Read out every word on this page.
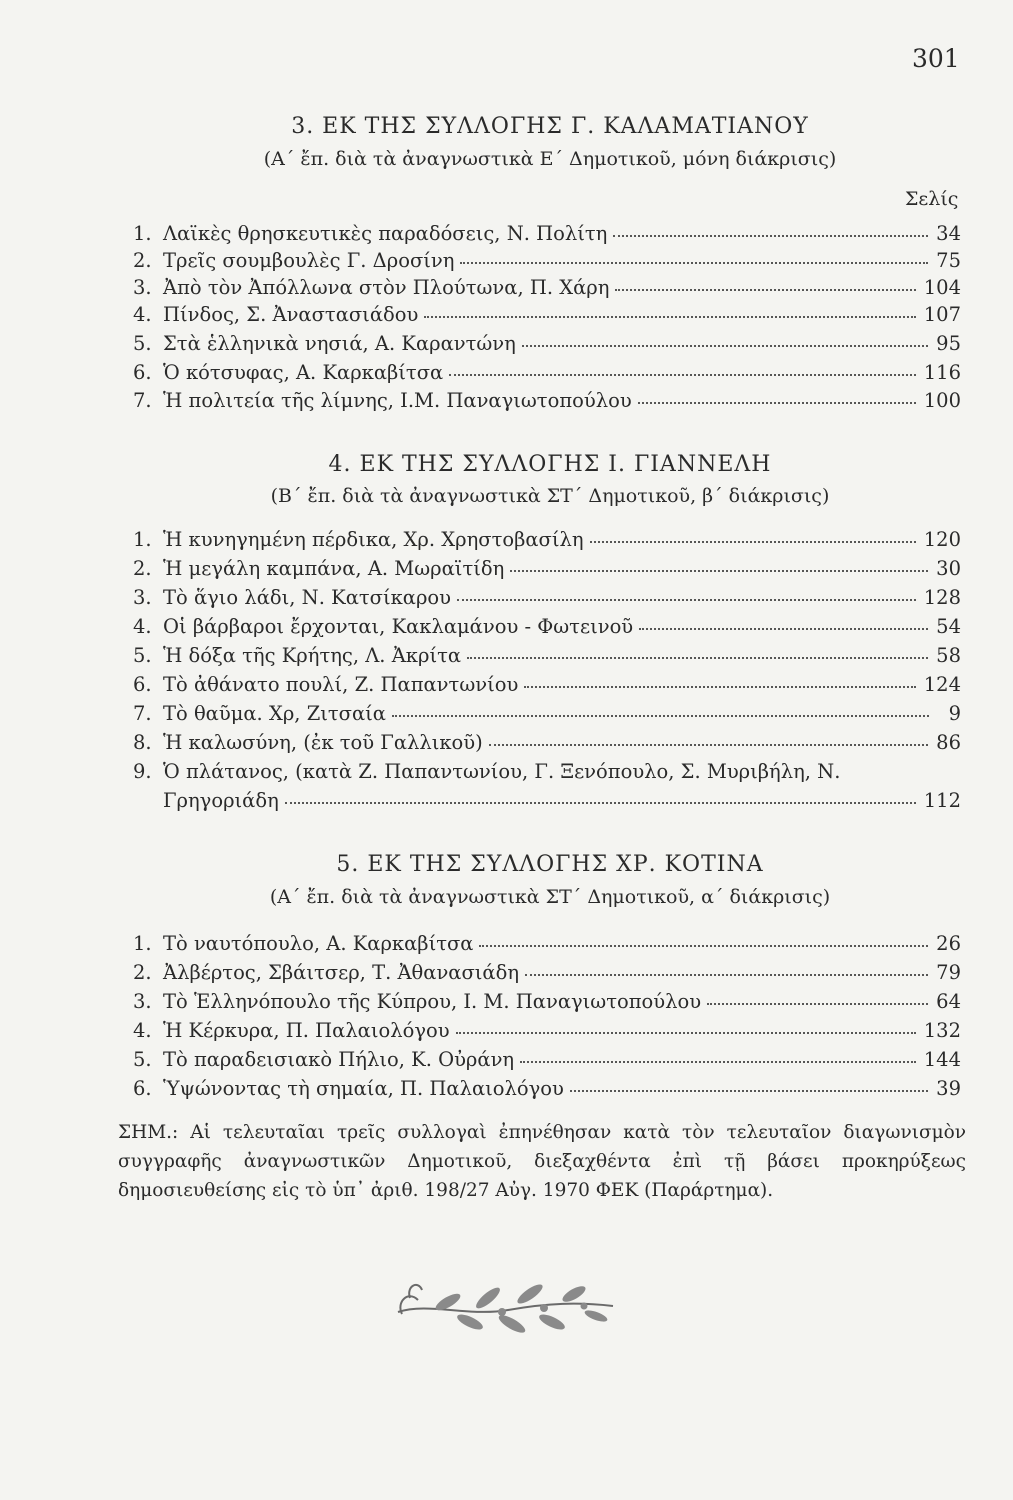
301
3. ΕΚ ΤΗΣ ΣΥΛΛΟΓΗΣ Γ. ΚΑΛΑΜΑΤΙΑΝΟΥ
(Α΄ ἔπ. διὰ τὰ ἀναγνωστικὰ Ε΄ Δημοτικοῦ, μόνη διάκρισις)
Σελίς
1. Λαϊκὲς θρησκευτικὲς παραδόσεις, Ν. Πολίτη	34
2. Τρεῖς σουμβουλὲς Γ. Δροσίνη	75
3. Ἀπὸ τὸν Ἀπόλλωνα στὸν Πλούτωνα, Π. Χάρη	104
4. Πίνδος, Σ. Ἀναστασιάδου	107
5. Στὰ ἑλληνικὰ νησιά, Α. Καραντώνη	95
6. Ὁ κότσυφας, Α. Καρκαβίτσα	116
7. Ἡ πολιτεία τῆς λίμνης, Ι.Μ. Παναγιωτοπούλου	100
4. ΕΚ ΤΗΣ ΣΥΛΛΟΓΗΣ Ι. ΓΙΑΝΝΕΛΗ
(Β΄ ἔπ. διὰ τὰ ἀναγνωστικὰ ΣΤ΄ Δημοτικοῦ, β΄ διάκρισις)
1. Ἡ κυνηγημένη πέρδικα, Χρ. Χρηστοβασίλη	120
2. Ἡ μεγάλη καμπάνα, Α. Μωραϊτίδη	30
3. Τὸ ἅγιο λάδι, Ν. Κατσίκαρου	128
4. Οἱ βάρβαροι ἔρχονται, Κακλαμάνου - Φωτεινοῦ	54
5. Ἡ δόξα τῆς Κρήτης, Λ. Ἀκρίτα	58
6. Τὸ ἀθάνατο πουλί, Ζ. Παπαντωνίου	124
7. Τὸ θαῦμα. Χρ, Ζιτσαία	9
8. Ἡ καλωσύνη, (ἐκ τοῦ Γαλλικοῦ)	86
9. Ὁ πλάτανος, (κατὰ Ζ. Παπαντωνίου, Γ. Ξενόπουλο, Σ. Μυριβήλη, Ν.
Γρηγοριάδη	112
5. ΕΚ ΤΗΣ ΣΥΛΛΟΓΗΣ ΧΡ. ΚΟΤΙΝΑ
(Α΄ ἔπ. διὰ τὰ ἀναγνωστικὰ ΣΤ΄ Δημοτικοῦ, α΄ διάκρισις)
1. Τὸ ναυτόπουλο, Α. Καρκαβίτσα	26
2. Ἀλβέρτος, Σβάιτσερ, Τ. Ἀθανασιάδη	79
3. Τὸ Ἑλληνόπουλο τῆς Κύπρου, Ι. Μ. Παναγιωτοπούλου	64
4. Ἡ Κέρκυρα, Π. Παλαιολόγου	132
5. Τὸ παραδεισιακὸ Πήλιο, Κ. Οὐράνη	144
6. Ὑψώνοντας τὴ σημαία, Π. Παλαιολόγου	39
ΣΗΜ.: Αἱ τελευταῖαι τρεῖς συλλογαὶ ἐπηνέθησαν κατὰ τὸν τελευταῖον διαγωνισμὸν συγγραφῆς ἀναγνωστικῶν Δημοτικοῦ, διεξαχθέντα ἐπὶ τῇ βάσει προκηρύξεως δημοσιευθείσης εἰς τὸ ὑπ᾽ ἀριθ. 198/27 Αὐγ. 1970 ΦΕΚ (Παράρτημα).
